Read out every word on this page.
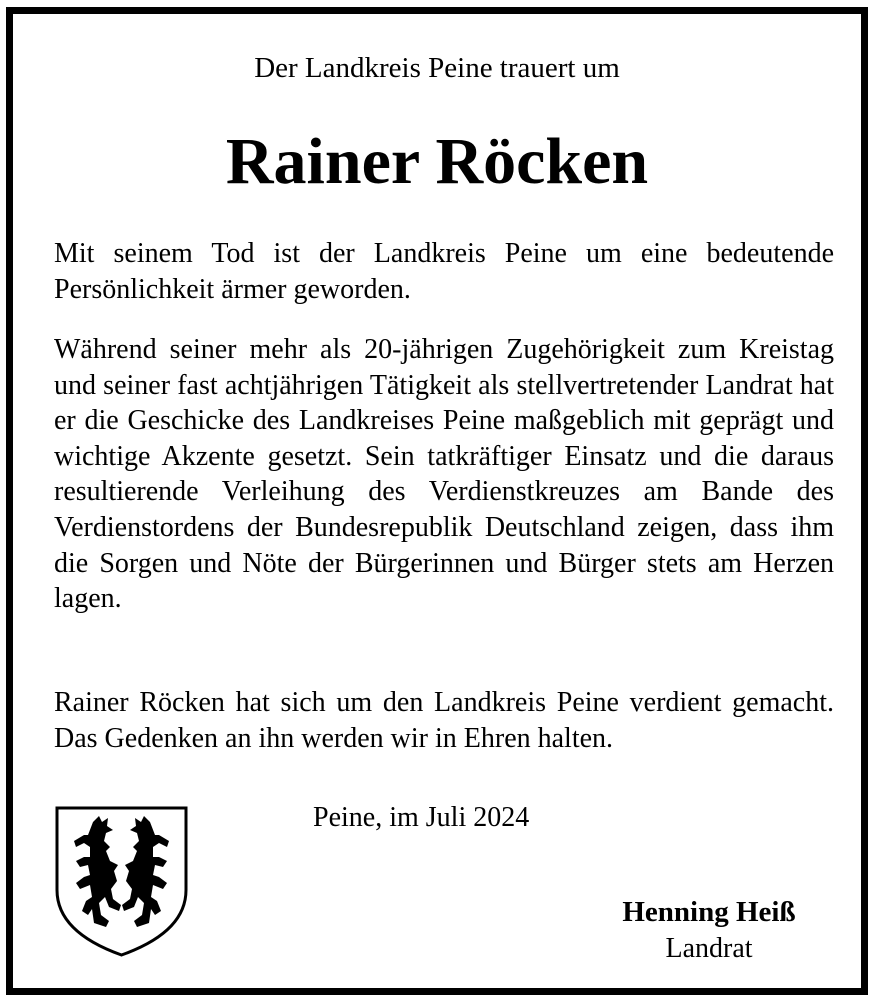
Der Landkreis Peine trauert um

Rainer Röcken

Mit seinem Tod ist der Landkreis Peine um eine bedeutende Persönlichkeit ärmer geworden.

Während seiner mehr als 20-jährigen Zugehörigkeit zum Kreistag und seiner fast achtjährigen Tätigkeit als stellvertretender Landrat hat er die Geschicke des Landkreises Peine maßgeblich mit geprägt und wichtige Akzente gesetzt. Sein tatkräftiger Einsatz und die daraus resultierende Verleihung des Verdienstkreuzes am Bande des Verdienstordens der Bundesrepublik Deutschland zeigen, dass ihm die Sorgen und Nöte der Bürgerinnen und Bürger stets am Herzen lagen.

Rainer Röcken hat sich um den Landkreis Peine verdient gemacht. Das Gedenken an ihn werden wir in Ehren halten.

Peine, im Juli 2024

Henning Heiß

Landrat
